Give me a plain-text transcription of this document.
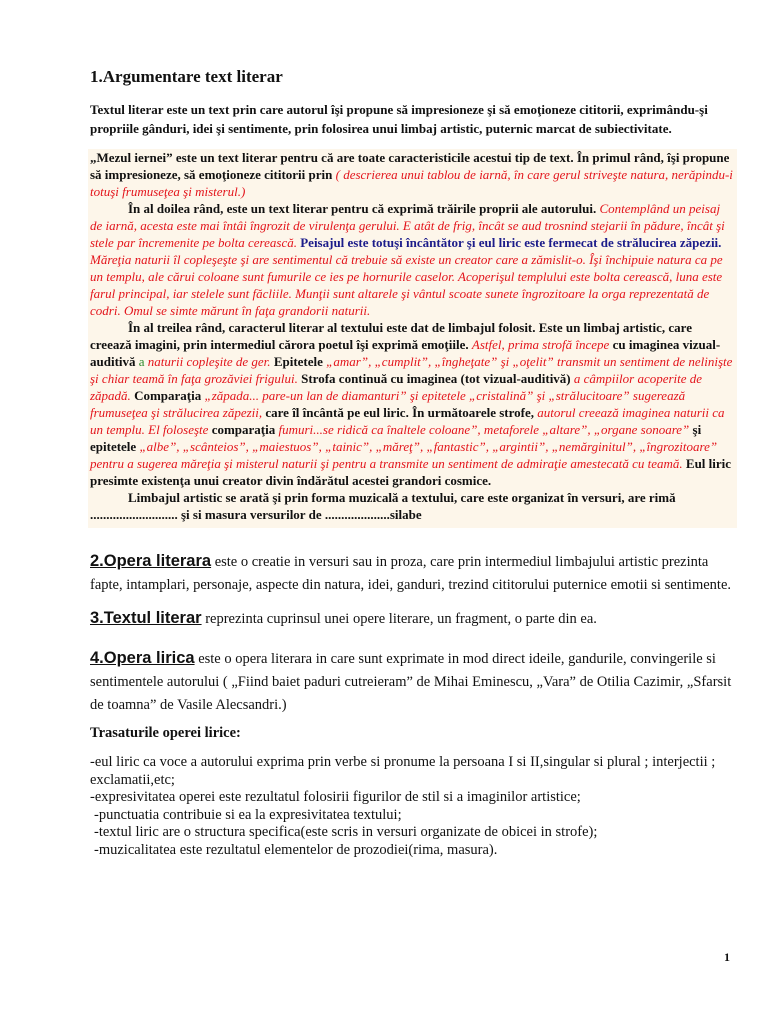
1.Argumentare text literar

Textul literar este un text prin care autorul îşi propune să impresioneze şi să emoţioneze cititorii, exprimându-şi propriile gânduri, idei şi sentimente, prin folosirea unui limbaj artistic, puternic marcat de subiectivitate.

„Mezul iernei” este un text literar pentru că are toate caracteristicile acestui tip de text. În primul rând, îşi propune să impresioneze, să emoţioneze cititorii prin ( descrierea unui tablou de iarnă, în care gerul striveşte natura, nerăpindu-i totuşi frumuseţea şi misterul.)

În al doilea rând, este un text literar pentru că exprimă trăirile proprii ale autorului. Contemplând un peisaj de iarnă, acesta este mai întâi îngrozit de virulenţa gerului. E atât de frig, încât se aud trosnind stejarii în pădure, încât şi stele par încremenite pe bolta cerească. Peisajul este totuşi încântător şi eul liric este fermecat de strălucirea zăpezii. Măreţia naturii îl copleşeşte şi are sentimentul că trebuie să existe un creator care a zămislit-o. Îşi închipuie natura ca pe un templu, ale cărui coloane sunt fumurile ce ies pe hornurile caselor. Acoperişul templului este bolta cerească, luna este farul principal, iar stelele sunt făcliile. Munţii sunt altarele şi vântul scoate sunete îngrozitoare la orga reprezentată de codri. Omul se simte mărunt în faţa grandorii naturii.

În al treilea rând, caracterul literar al textului este dat de limbajul folosit. Este un limbaj artistic, care creează imagini, prin intermediul cărora poetul îşi exprimă emoţiile. Astfel, prima strofă începe cu imaginea vizual-auditivă a naturii copleşite de ger. Epitetele „amar”, „cumplit”, „îngheţate” şi „oţelit” transmit un sentiment de nelinişte şi chiar teamă în faţa grozăviei frigului. Strofa continuă cu imaginea (tot vizual-auditivă) a câmpiilor acoperite de zăpadă. Comparaţia „zăpada... pare-un lan de diamanturi” şi epitetele „cristalină” şi „strălucitoare” sugerează frumuseţea şi strălucirea zăpezii, care îl încântă pe eul liric. În următoarele strofe, autorul creează imaginea naturii ca un templu. El foloseşte comparaţia fumuri...se ridică ca înaltele coloane”, metaforele „altare”, „organe sonoare” şi epitetele „albe”, „scânteios”, „maiestuos”, „tainic”, „măreţ”, „fantastic”, „argintii”, „nemărginitul”, „îngrozitoare” pentru a sugerea măreţia şi misterul naturii şi pentru a transmite un sentiment de admiraţie amestecată cu teamă. Eul liric presimte existenţa unui creator divin îndărătul acestei grandori cosmice.

Limbajul artistic se arată şi prin forma muzicală a textului, care este organizat în versuri, are rimă ........................... şi si masura versurilor de ....................silabe

2.Opera literara este o creatie in versuri sau in proza, care prin intermediul limbajului artistic prezinta fapte, intamplari, personaje, aspecte din natura, idei, ganduri, trezind cititorului puternice emotii si sentimente.

3.Textul literar reprezinta cuprinsul unei opere literare, un fragment, o parte din ea.

4.Opera lirica este o opera literara in care sunt exprimate in mod direct ideile, gandurile, convingerile si sentimentele autorului ( „Fiind baiet paduri cutreieram” de Mihai Eminescu, „Vara” de Otilia Cazimir, „Sfarsit de toamna” de Vasile Alecsandri.)

Trasaturile operei lirice:

-eul liric ca voce a autorului exprima prin verbe si pronume la persoana I si II,singular si plural ; interjectii ; exclamatii,etc;
-expresivitatea operei este rezultatul folosirii figurilor de stil si a imaginilor artistice;
-punctuatia contribuie si ea la expresivitatea textului;
-textul liric are o structura specifica(este scris in versuri organizate de obicei in strofe);
-muzicalitatea este rezultatul elementelor de prozodiei(rima, masura).
1
